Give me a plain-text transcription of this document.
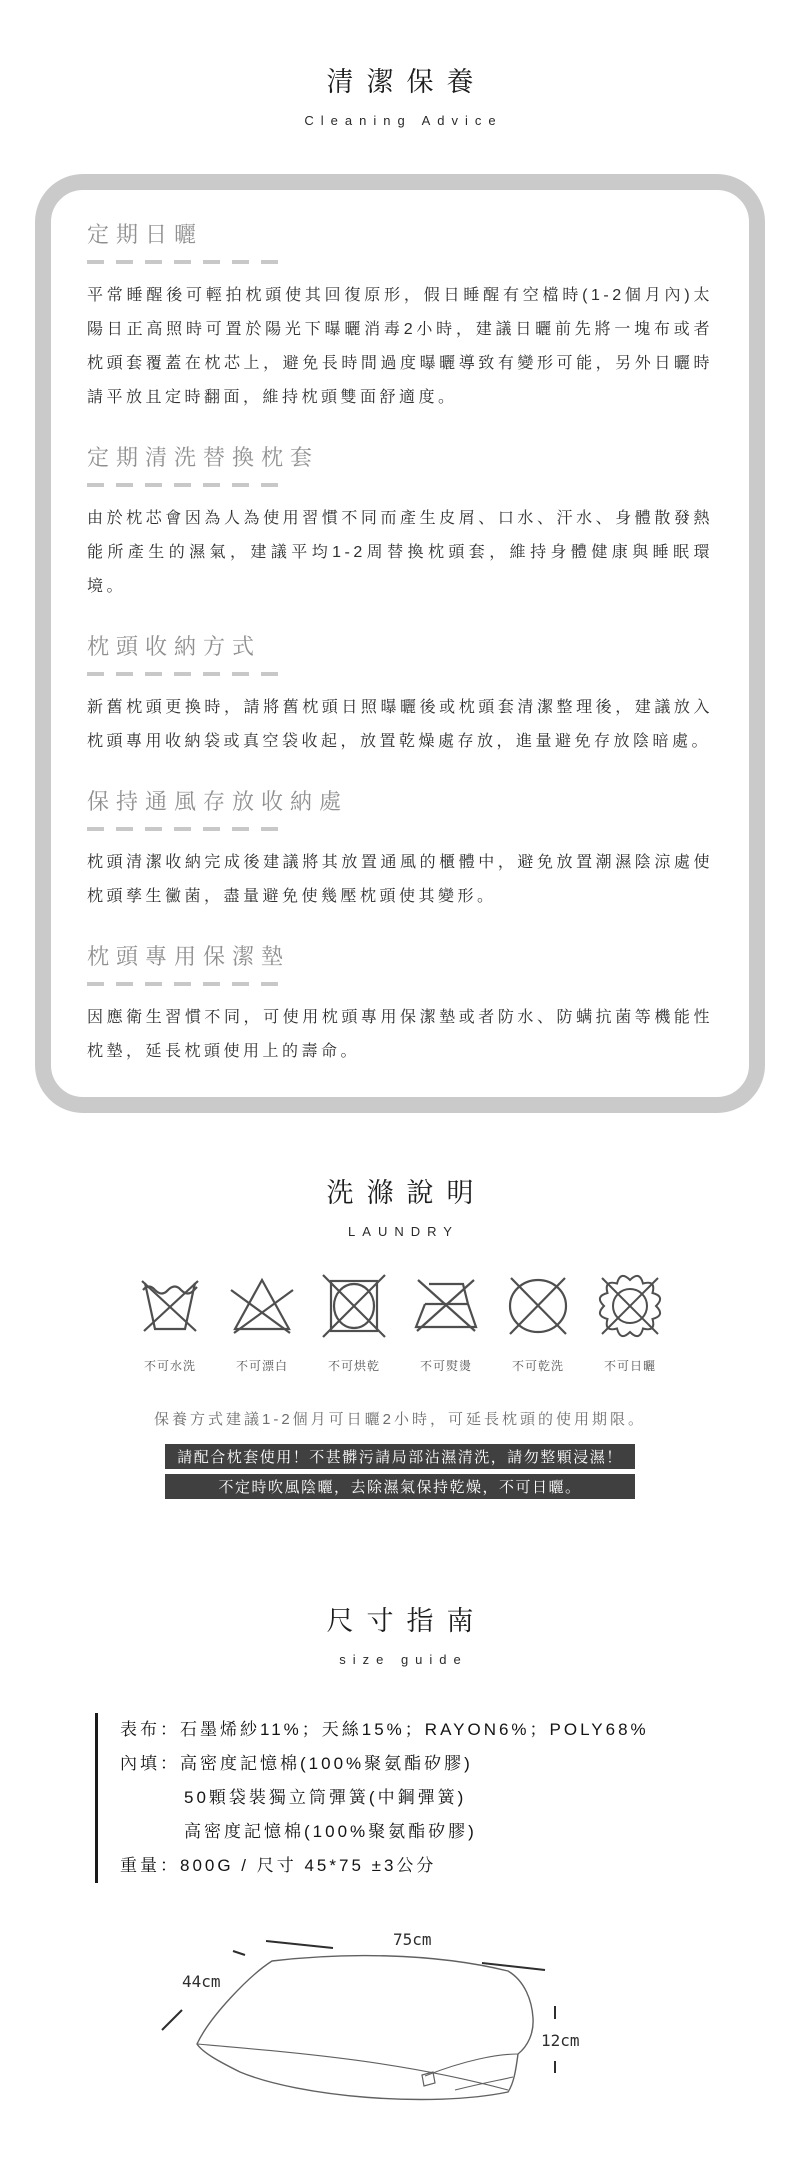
清潔保養
Cleaning Advice
定期日曬

平常睡醒後可輕拍枕頭使其回復原形，假日睡醒有空檔時(1-2個月內)太陽日正高照時可置於陽光下曝曬消毒2小時，建議日曬前先將一塊布或者枕頭套覆蓋在枕芯上，避免長時間過度曝曬導致有變形可能，另外日曬時請平放且定時翻面，維持枕頭雙面舒適度。

定期清洗替換枕套

由於枕芯會因為人為使用習慣不同而產生皮屑、口水、汗水、身體散發熱能所產生的濕氣，建議平均1-2周替換枕頭套，維持身體健康與睡眠環境。

枕頭收納方式

新舊枕頭更換時，請將舊枕頭日照曝曬後或枕頭套清潔整理後，建議放入枕頭專用收納袋或真空袋收起，放置乾燥處存放，進量避免存放陰暗處。

保持通風存放收納處

枕頭清潔收納完成後建議將其放置通風的櫃體中，避免放置潮濕陰涼處使枕頭孳生黴菌，盡量避免使幾壓枕頭使其變形。

枕頭專用保潔墊

因應衛生習慣不同，可使用枕頭專用保潔墊或者防水、防螨抗菌等機能性枕墊，延長枕頭使用上的壽命。

洗滌說明
LAUNDRY
不可水洗	不可漂白	不可烘乾	不可熨燙	不可乾洗	不可日曬

保養方式建議1-2個月可日曬2小時，可延長枕頭的使用期限。

請配合枕套使用！不甚髒污請局部沾濕清洗，請勿整顆浸濕！
不定時吹風陰曬，去除濕氣保持乾燥，不可日曬。
尺寸指南
size guide
表布：石墨烯紗11%；天絲15%；RAYON6%；POLY68%
內填：高密度記憶棉(100%聚氨酯矽膠)
50顆袋裝獨立筒彈簧(中鋼彈簧)
高密度記憶棉(100%聚氨酯矽膠)
重量：800G / 尺寸 45*75 ±3公分
75cm
44cm
12cm
